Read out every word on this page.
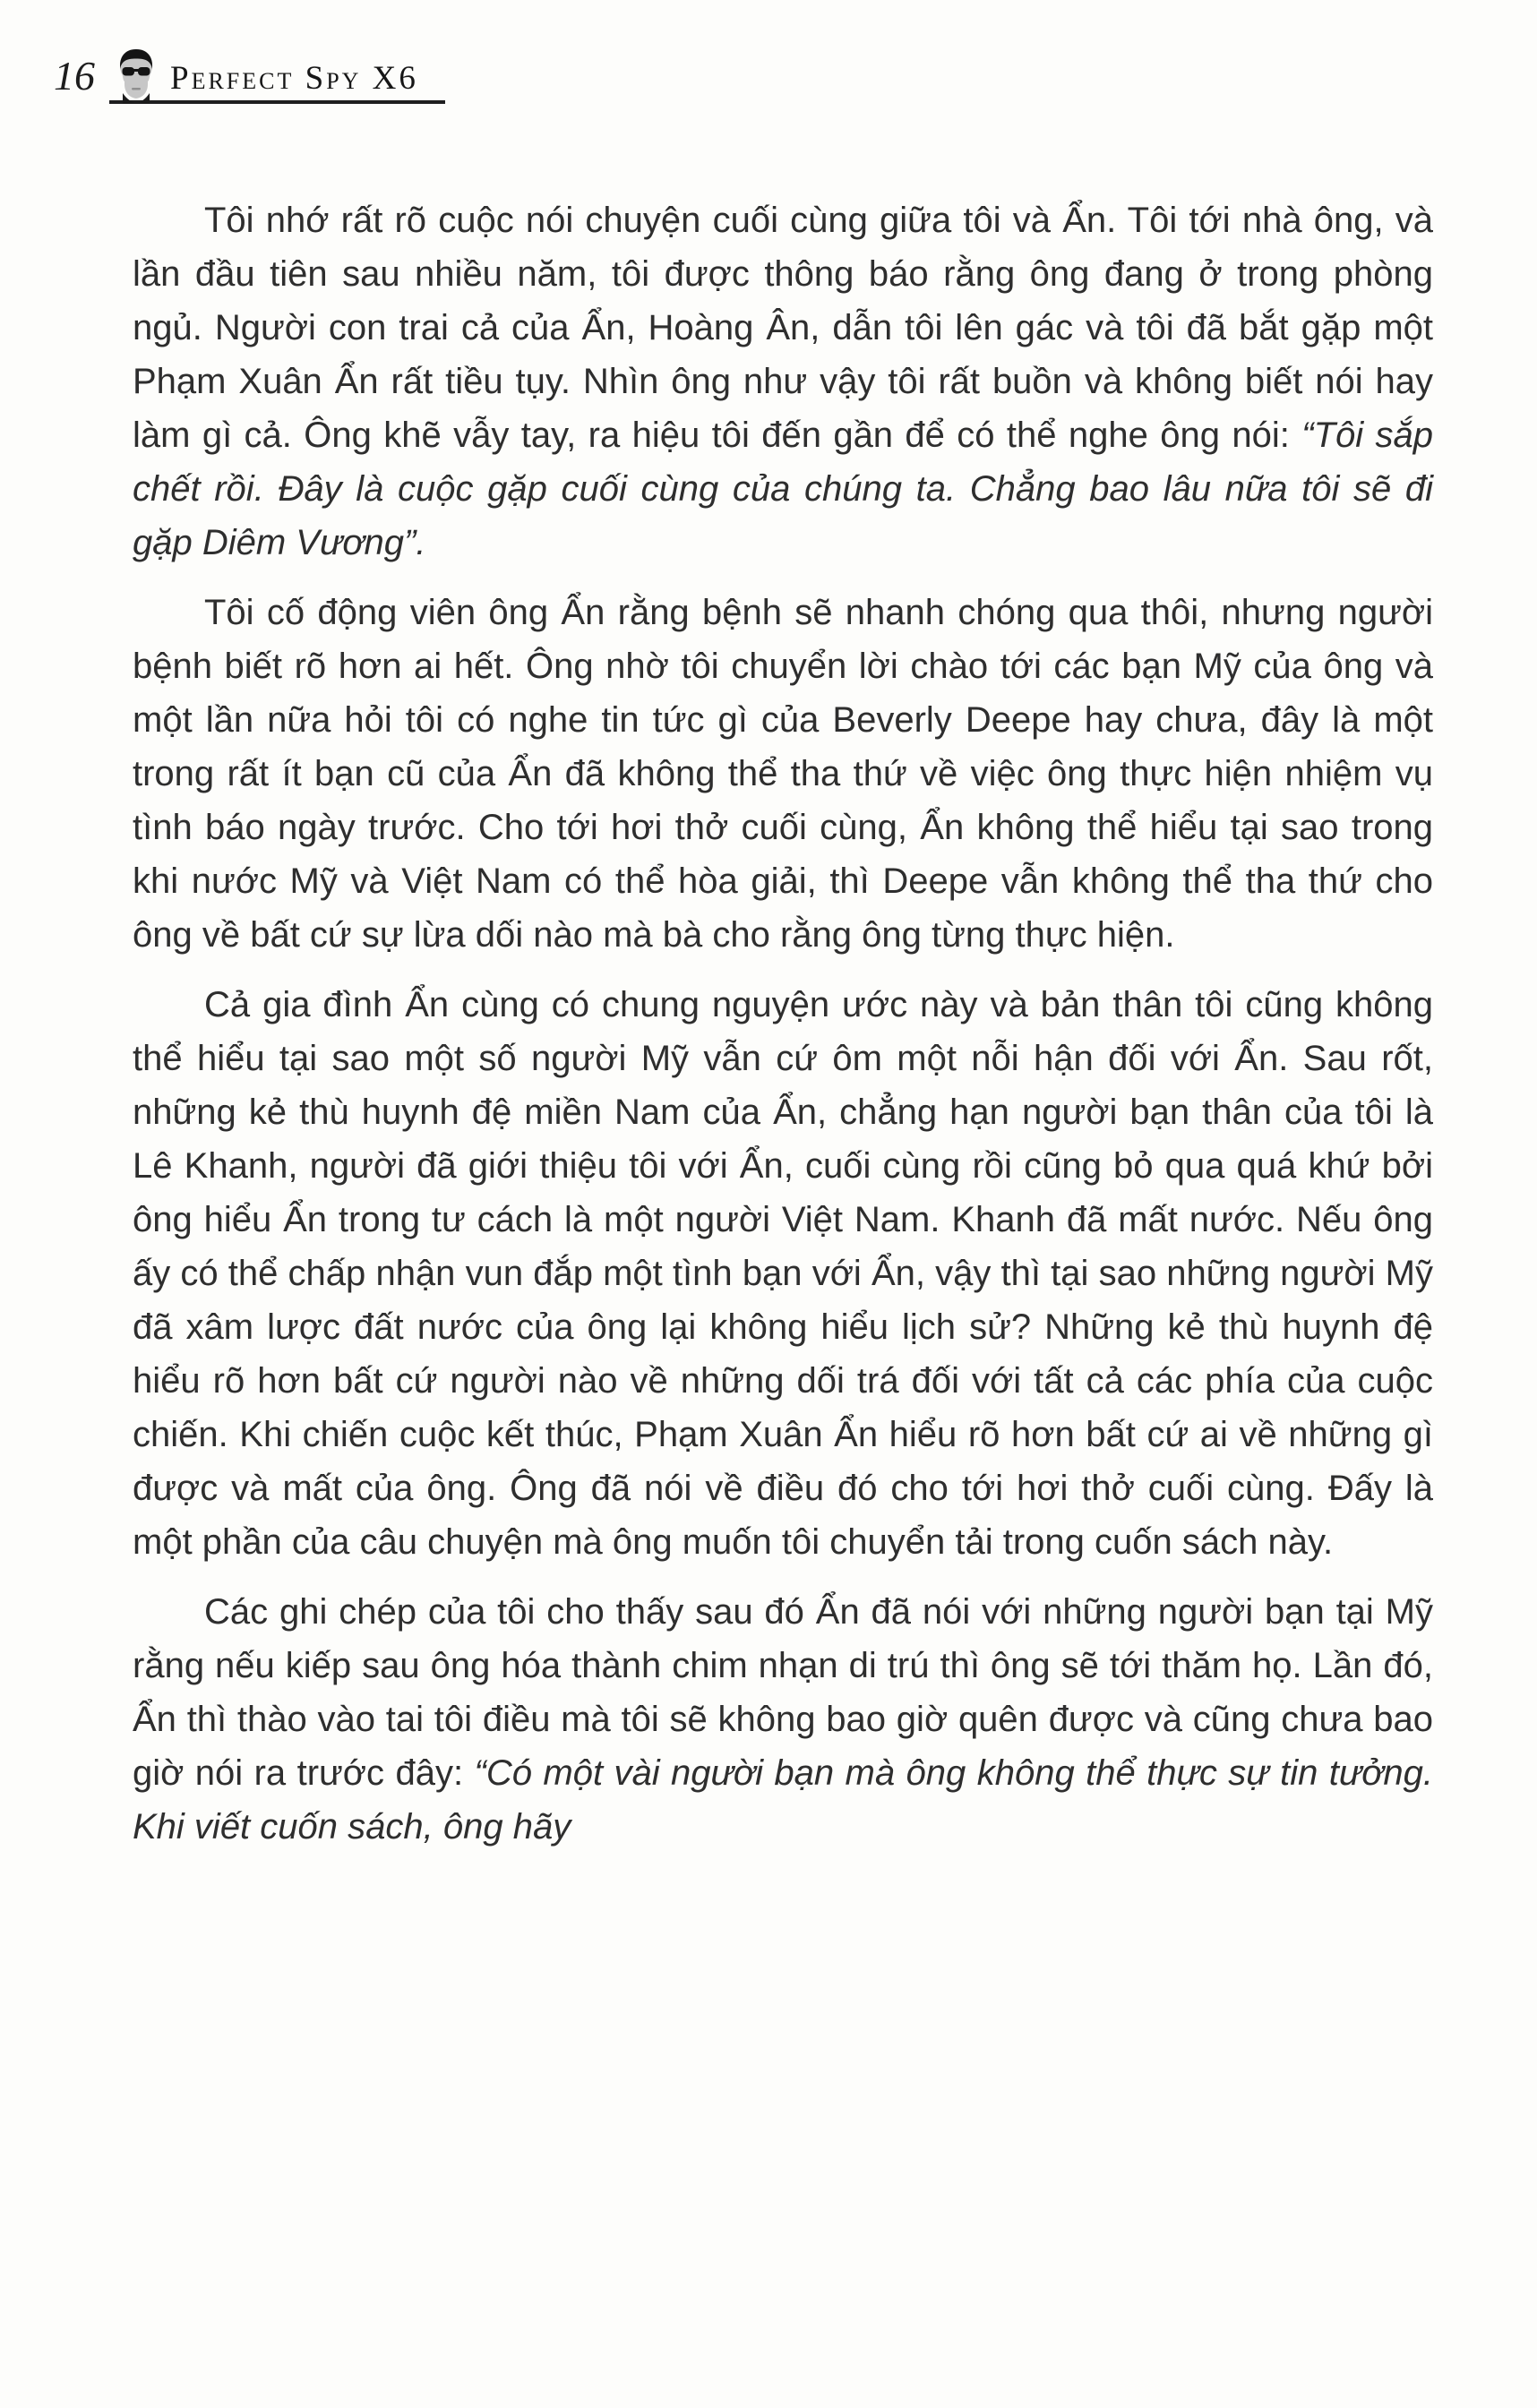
16	Perfect Spy X6

Tôi nhớ rất rõ cuộc nói chuyện cuối cùng giữa tôi và Ẩn. Tôi tới nhà ông, và lần đầu tiên sau nhiều năm, tôi được thông báo rằng ông đang ở trong phòng ngủ. Người con trai cả của Ẩn, Hoàng Ân, dẫn tôi lên gác và tôi đã bắt gặp một Phạm Xuân Ẩn rất tiều tụy. Nhìn ông như vậy tôi rất buồn và không biết nói hay làm gì cả. Ông khẽ vẫy tay, ra hiệu tôi đến gần để có thể nghe ông nói: “Tôi sắp chết rồi. Đây là cuộc gặp cuối cùng của chúng ta. Chẳng bao lâu nữa tôi sẽ đi gặp Diêm Vương”.

Tôi cố động viên ông Ẩn rằng bệnh sẽ nhanh chóng qua thôi, nhưng người bệnh biết rõ hơn ai hết. Ông nhờ tôi chuyển lời chào tới các bạn Mỹ của ông và một lần nữa hỏi tôi có nghe tin tức gì của Beverly Deepe hay chưa, đây là một trong rất ít bạn cũ của Ẩn đã không thể tha thứ về việc ông thực hiện nhiệm vụ tình báo ngày trước. Cho tới hơi thở cuối cùng, Ẩn không thể hiểu tại sao trong khi nước Mỹ và Việt Nam có thể hòa giải, thì Deepe vẫn không thể tha thứ cho ông về bất cứ sự lừa dối nào mà bà cho rằng ông từng thực hiện.

Cả gia đình Ẩn cùng có chung nguyện ước này và bản thân tôi cũng không thể hiểu tại sao một số người Mỹ vẫn cứ ôm một nỗi hận đối với Ẩn. Sau rốt, những kẻ thù huynh đệ miền Nam của Ẩn, chẳng hạn người bạn thân của tôi là Lê Khanh, người đã giới thiệu tôi với Ẩn, cuối cùng rồi cũng bỏ qua quá khứ bởi ông hiểu Ẩn trong tư cách là một người Việt Nam. Khanh đã mất nước. Nếu ông ấy có thể chấp nhận vun đắp một tình bạn với Ẩn, vậy thì tại sao những người Mỹ đã xâm lược đất nước của ông lại không hiểu lịch sử? Những kẻ thù huynh đệ hiểu rõ hơn bất cứ người nào về những dối trá đối với tất cả các phía của cuộc chiến. Khi chiến cuộc kết thúc, Phạm Xuân Ẩn hiểu rõ hơn bất cứ ai về những gì được và mất của ông. Ông đã nói về điều đó cho tới hơi thở cuối cùng. Đấy là một phần của câu chuyện mà ông muốn tôi chuyển tải trong cuốn sách này.

Các ghi chép của tôi cho thấy sau đó Ẩn đã nói với những người bạn tại Mỹ rằng nếu kiếp sau ông hóa thành chim nhạn di trú thì ông sẽ tới thăm họ. Lần đó, Ẩn thì thào vào tai tôi điều mà tôi sẽ không bao giờ quên được và cũng chưa bao giờ nói ra trước đây: “Có một vài người bạn mà ông không thể thực sự tin tưởng. Khi viết cuốn sách, ông hãy
